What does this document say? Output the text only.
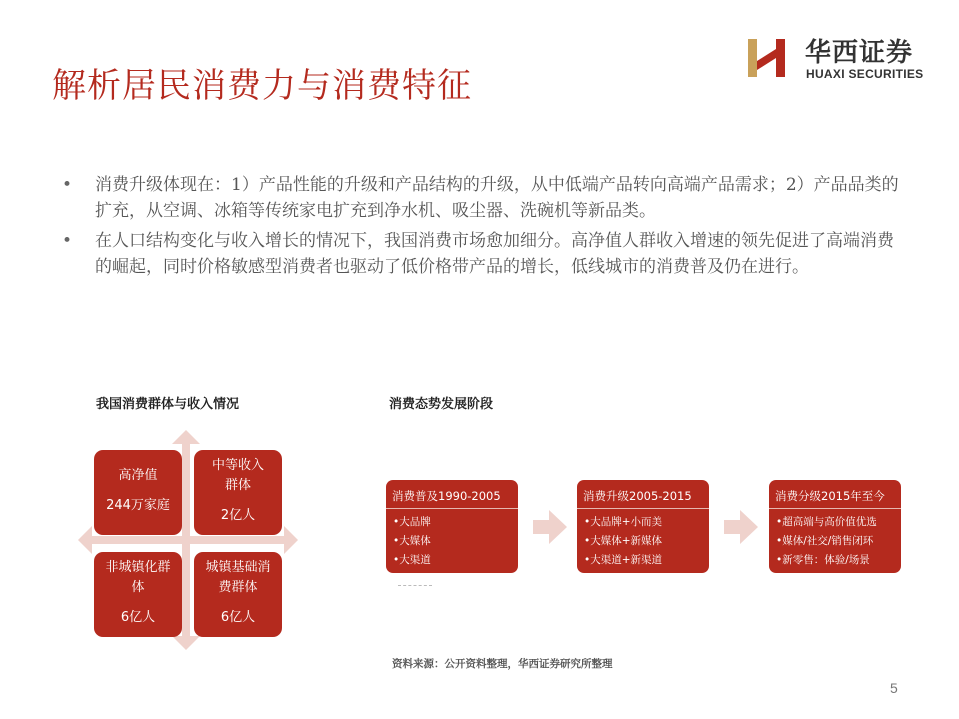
解析居民消费力与消费特征
华西证券
HUAXI SECURITIES
• 消费升级体现在：1）产品性能的升级和产品结构的升级，从中低端产品转向高端产品需求；2）产品品类的扩充，从空调、冰箱等传统家电扩充到净水机、吸尘器、洗碗机等新品类。
• 在人口结构变化与收入增长的情况下，我国消费市场愈加细分。高净值人群收入增速的领先促进了高端消费的崛起，同时价格敏感型消费者也驱动了低价格带产品的增长，低线城市的消费普及仍在进行。
我国消费群体与收入情况
高净值
244万家庭
中等收入群体
2亿人
非城镇化群体
6亿人
城镇基础消费群体
6亿人
消费态势发展阶段
消费普及1990-2005
•大品牌
•大媒体
•大渠道
消费升级2005-2015
•大品牌+小而美
•大媒体+新媒体
•大渠道+新渠道
消费分级2015年至今
•超高端与高价值优选
•媒体/社交/销售闭环
•新零售：体验/场景
资料来源：公开资料整理，华西证券研究所整理
5
